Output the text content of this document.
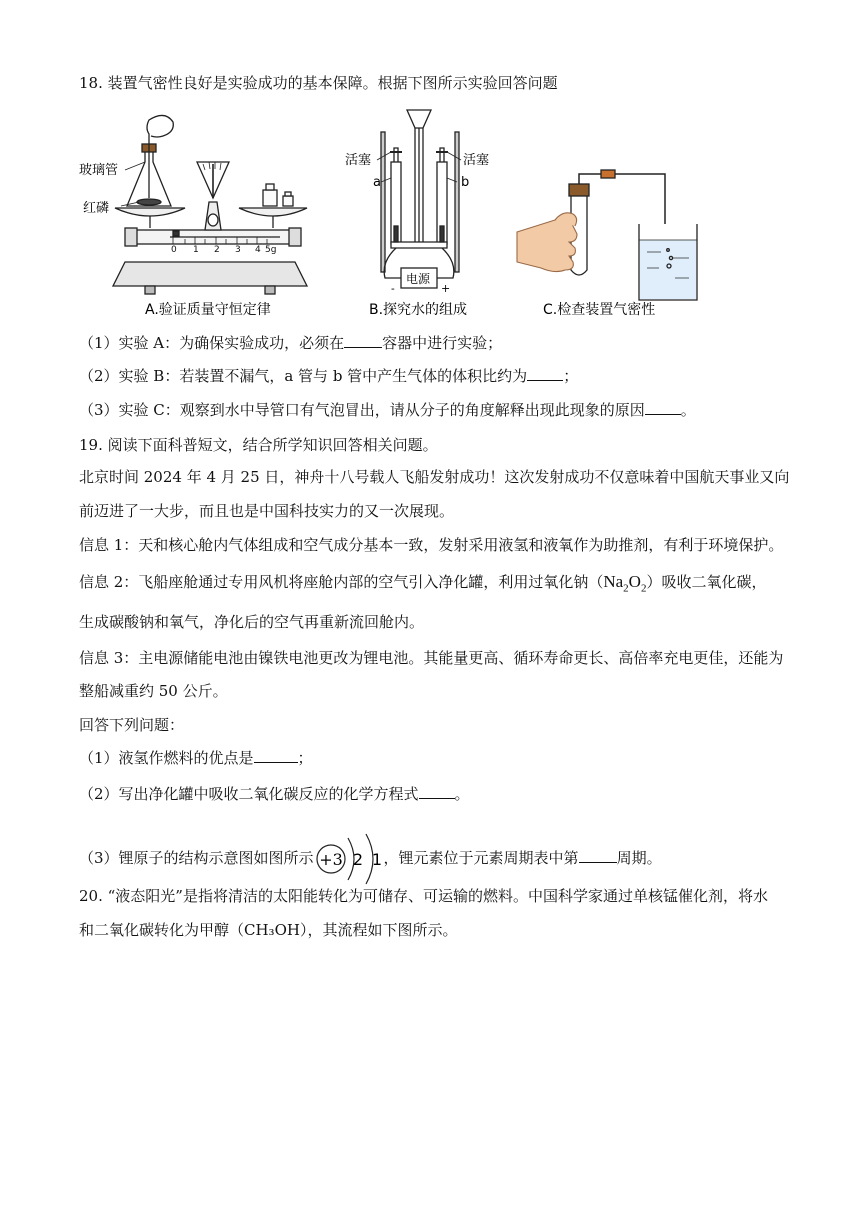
18. 装置气密性良好是实验成功的基本保障。根据下图所示实验回答问题
玻璃管
红磷
0 1 2 3 4 5g
活塞	活塞
a	b
电源
-	+
A.验证质量守恒定律	B.探究水的组成	C.检查装置气密性
（1）实验 A：为确保实验成功，必须在	容器中进行实验；
（2）实验 B：若装置不漏气，a 管与 b 管中产生气体的体积比约为 ；
（3）实验 C：观察到水中导管口有气泡冒出，请从分子的角度解释出现此现象的原因 。
19. 阅读下面科普短文，结合所学知识回答相关问题。
北京时间 2024 年 4 月 25 日，神舟十八号载人飞船发射成功！这次发射成功不仅意味着中国航天事业又向
前迈进了一大步，而且也是中国科技实力的又一次展现。
信息 1：天和核心舱内气体组成和空气成分基本一致，发射采用液氢和液氧作为助推剂，有利于环境保护。
信息 2：飞船座舱通过专用风机将座舱内部的空气引入净化罐，利用过氧化钠$(Na_2O_2)$吸收二氧化碳，
生成碳酸钠和氧气，净化后的空气再重新流回舱内。
信息 3：主电源储能电池由镍铁电池更改为锂电池。其能量更高、循环寿命更长、高倍率充电更佳，还能为
整船减重约 50 公斤。
回答下列问题：
（1）液氢作燃料的优点是	；
（2）写出净化罐中吸收二氧化碳反应的化学方程式 。
（3）锂原子的结构示意图如图所示 +3 2 1 ，锂元素位于元素周期表中第	周期。
20. “液态阳光”是指将清洁的太阳能转化为可储存、可运输的燃料。中国科学家通过单核锰催化剂，将水
和二氧化碳转化为甲醇（CH₃OH），其流程如下图所示。
